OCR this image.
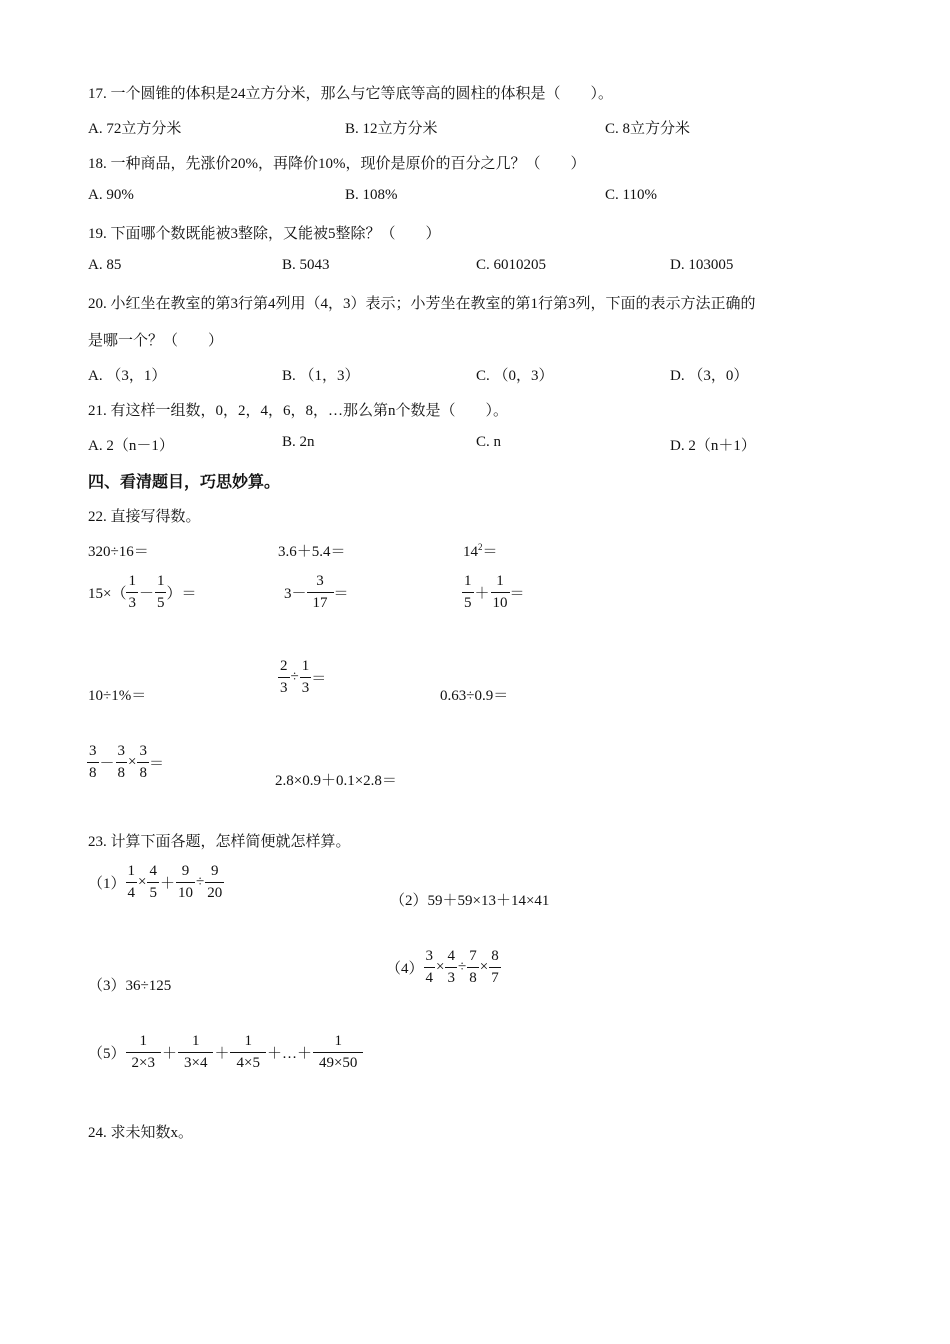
17. 一个圆锥的体积是24立方分米，那么与它等底等高的圆柱的体积是（　　）。
A. 72立方分米	B. 12立方分米	C. 8立方分米
18. 一种商品，先涨价20%，再降价10%，现价是原价的百分之几？（　　）
A. 90%	B. 108%	C. 110%
19. 下面哪个数既能被3整除，又能被5整除？（　　）
A. 85	B. 5043	C. 6010205	D. 103005
20. 小红坐在教室的第3行第4列用（4，3）表示；小芳坐在教室的第1行第3列，下面的表示方法正确的
是哪一个？（　　）
A. （3，1）	B. （1，3）	C. （0，3）	D. （3，0）
21. 有这样一组数，0，2，4，6，8，…那么第n个数是（　　）。
A. 2（n－1）	B. 2n	C. n	D. 2（n＋1）
四、看清题目，巧思妙算。
22. 直接写得数。
320÷16＝	3.6＋5.4＝	$14^2=$
$15\times( \frac{1}{3} - \frac{1}{5}$ ）＝	$3- \frac{3}{17}$ ＝	$\frac{1}{5} + \frac{1}{10}$ ＝
10÷1%＝	$\frac{2}{3} \div \frac{1}{3}$ ＝
0.63÷0.9＝
$\frac{3}{8} - \frac{3}{8} \times \frac{3}{8}$ ＝
2.8×0.9＋0.1×2.8＝
23. 计算下面各题，怎样简便就怎样算。
$(1) \frac{1}{4} \times \frac{4}{5} + \frac{9}{10} \div \frac{9}{20}$	（2）59＋59×13＋14×41
（3）36÷125
$(4) \frac{3}{4} \times \frac{4}{3} \div \frac{7}{8} \times \frac{8}{7}$
$(5) \frac{1}{2\times 3} + \frac{1}{3\times 4} + \frac{1}{4\times 5}$ ＋…＋ $\frac{1}{49\times 50}$
24. 求未知数x。
